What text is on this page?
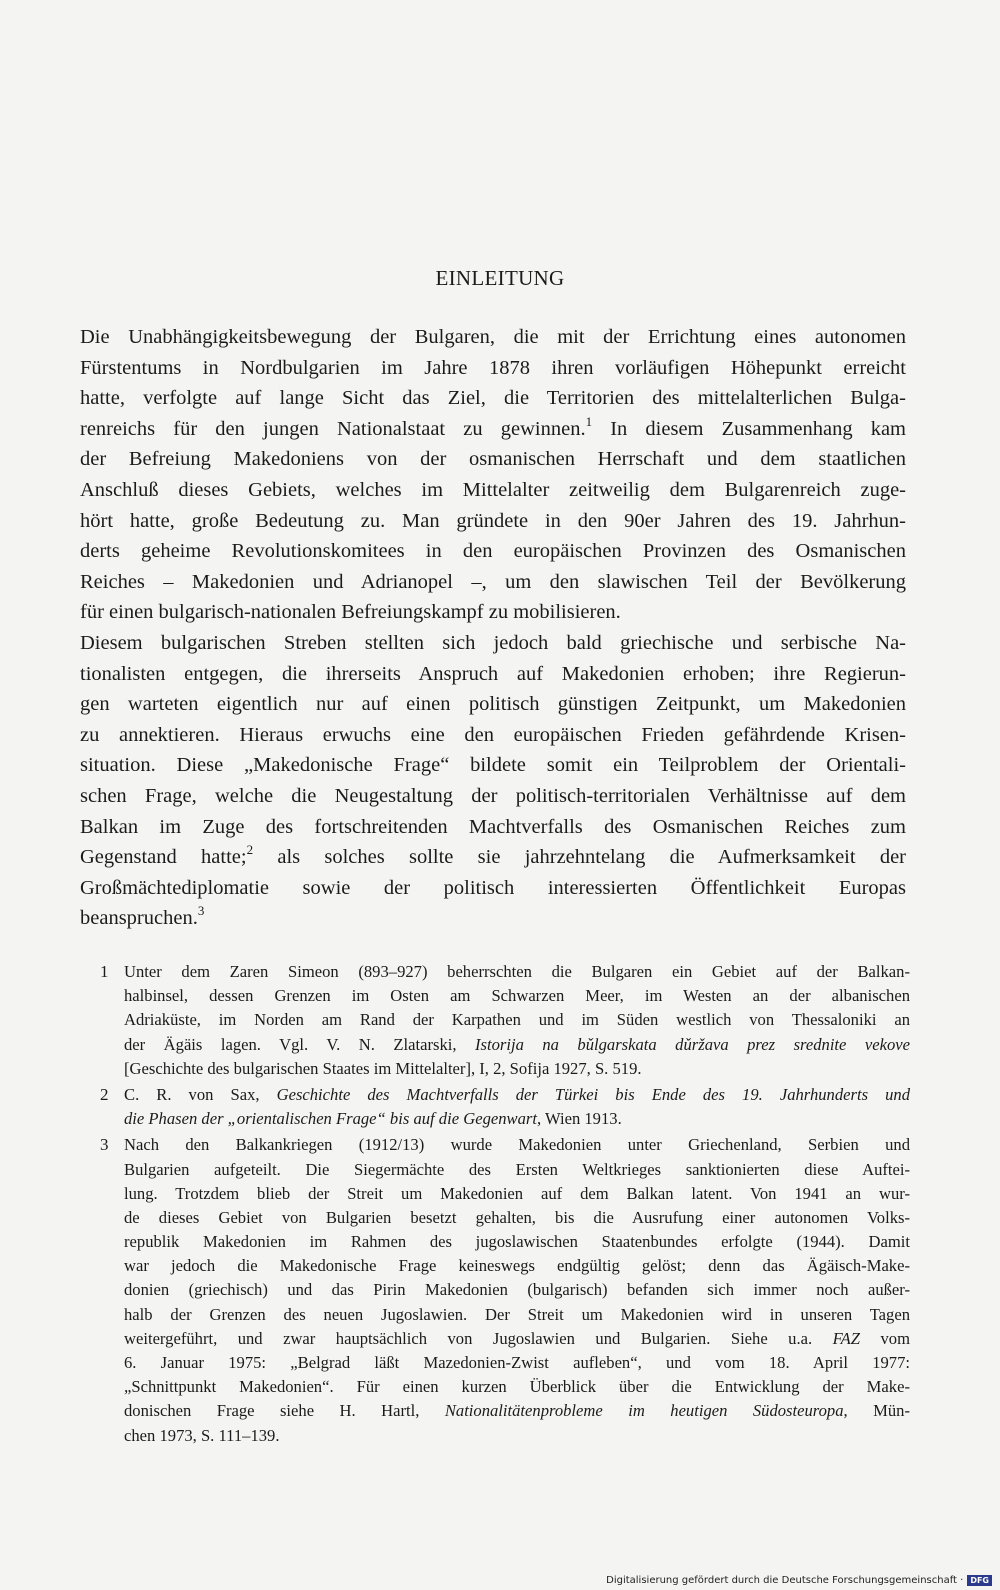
EINLEITUNG
Die Unabhängigkeitsbewegung der Bulgaren, die mit der Errichtung eines autonomen
Fürstentums in Nordbulgarien im Jahre 1878 ihren vorläufigen Höhepunkt erreicht
hatte, verfolgte auf lange Sicht das Ziel, die Territorien des mittelalterlichen Bulga-
renreichs für den jungen Nationalstaat zu gewinnen.$^1$ In diesem Zusammenhang kam
der Befreiung Makedoniens von der osmanischen Herrschaft und dem staatlichen
Anschluß dieses Gebiets, welches im Mittelalter zeitweilig dem Bulgarenreich zuge-
hört hatte, große Bedeutung zu. Man gründete in den 90er Jahren des 19. Jahrhun-
derts geheime Revolutionskomitees in den europäischen Provinzen des Osmanischen
Reiches – Makedonien und Adrianopel –, um den slawischen Teil der Bevölkerung
für einen bulgarisch-nationalen Befreiungskampf zu mobilisieren.
Diesem bulgarischen Streben stellten sich jedoch bald griechische und serbische Na-
tionalisten entgegen, die ihrerseits Anspruch auf Makedonien erhoben; ihre Regierun-
gen warteten eigentlich nur auf einen politisch günstigen Zeitpunkt, um Makedonien
zu annektieren. Hieraus erwuchs eine den europäischen Frieden gefährdende Krisen-
situation. Diese „Makedonische Frage“ bildete somit ein Teilproblem der Orientali-
schen Frage, welche die Neugestaltung der politisch-territorialen Verhältnisse auf dem
Balkan im Zuge des fortschreitenden Machtverfalls des Osmanischen Reiches zum
Gegenstand hatte;$^2$ als solches sollte sie jahrzehntelang die Aufmerksamkeit der
Großmächtediplomatie sowie der politisch interessierten Öffentlichkeit Europas
beanspruchen.$^3$
1 Unter dem Zaren Simeon (893–927) beherrschten die Bulgaren ein Gebiet auf der Balkan-
halbinsel, dessen Grenzen im Osten am Schwarzen Meer, im Westen an der albanischen
Adriaküste, im Norden am Rand der Karpathen und im Süden westlich von Thessaloniki an
der Ägäis lagen. Vgl. V. N. Zlatarski, Istorija na bǔlgarskata dǔržava prez srednite vekove
[Geschichte des bulgarischen Staates im Mittelalter], I, 2, Sofija 1927, S. 519.
2 C. R. von Sax, Geschichte des Machtverfalls der Türkei bis Ende des 19. Jahrhunderts und
die Phasen der „orientalischen Frage“ bis auf die Gegenwart, Wien 1913.
3 Nach den Balkankriegen (1912/13) wurde Makedonien unter Griechenland, Serbien und
Bulgarien aufgeteilt. Die Siegermächte des Ersten Weltkrieges sanktionierten diese Auftei-
lung. Trotzdem blieb der Streit um Makedonien auf dem Balkan latent. Von 1941 an wur-
de dieses Gebiet von Bulgarien besetzt gehalten, bis die Ausrufung einer autonomen Volks-
republik Makedonien im Rahmen des jugoslawischen Staatenbundes erfolgte (1944). Damit
war jedoch die Makedonische Frage keineswegs endgültig gelöst; denn das Ägäisch-Make-
donien (griechisch) und das Pirin Makedonien (bulgarisch) befanden sich immer noch außer-
halb der Grenzen des neuen Jugoslawien. Der Streit um Makedonien wird in unseren Tagen
weitergeführt, und zwar hauptsächlich von Jugoslawien und Bulgarien. Siehe u.a. FAZ vom
6. Januar 1975: „Belgrad läßt Mazedonien-Zwist aufleben“, und vom 18. April 1977:
„Schnittpunkt Makedonien“. Für einen kurzen Überblick über die Entwicklung der Make-
donischen Frage siehe H. Hartl, Nationalitätenprobleme im heutigen Südosteuropa, Mün-
chen 1973, S. 111–139.
Digitalisierung gefördert durch die Deutsche Forschungsgemeinschaft · DFG
